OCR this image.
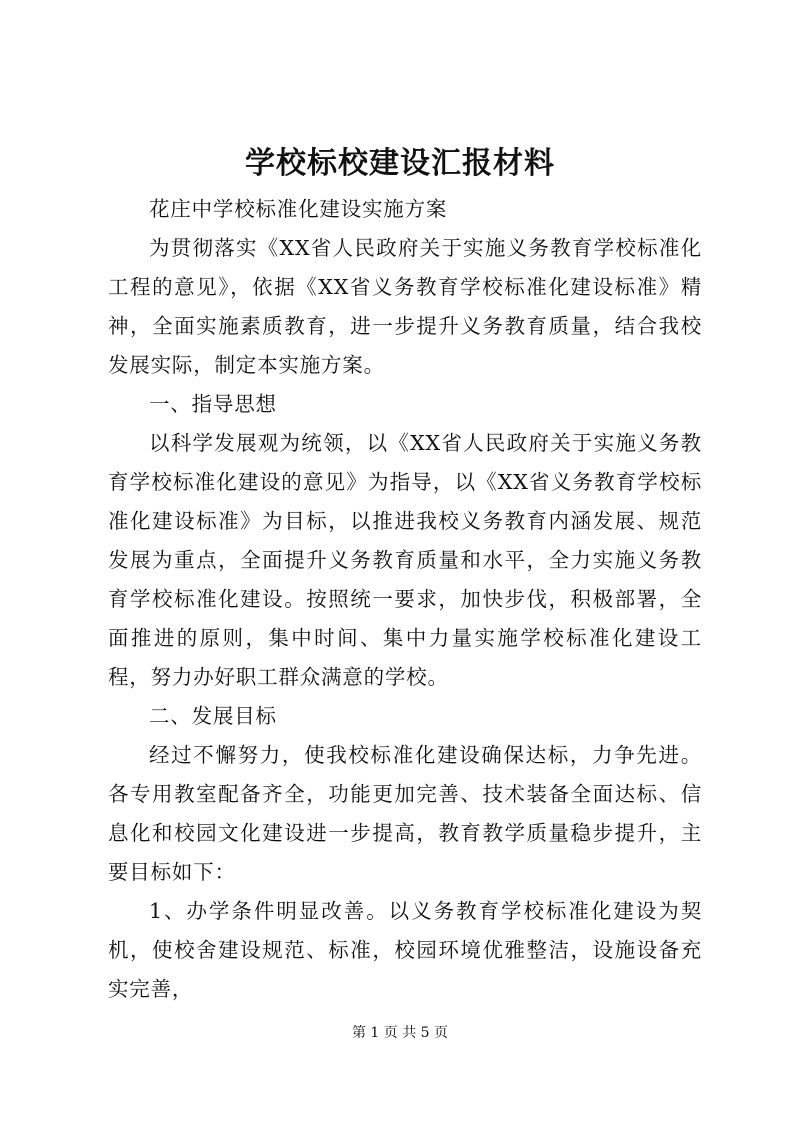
学校标校建设汇报材料

花庄中学校标准化建设实施方案

为贯彻落实《XX省人民政府关于实施义务教育学校标准化工程的意见》，依据《XX省义务教育学校标准化建设标准》精神，全面实施素质教育，进一步提升义务教育质量，结合我校发展实际，制定本实施方案。

一、指导思想

以科学发展观为统领，以《XX省人民政府关于实施义务教育学校标准化建设的意见》为指导，以《XX省义务教育学校标准化建设标准》为目标，以推进我校义务教育内涵发展、规范发展为重点，全面提升义务教育质量和水平，全力实施义务教育学校标准化建设。按照统一要求，加快步伐，积极部署，全面推进的原则，集中时间、集中力量实施学校标准化建设工程，努力办好职工群众满意的学校。

二、发展目标

经过不懈努力，使我校标准化建设确保达标，力争先进。各专用教室配备齐全，功能更加完善、技术装备全面达标、信息化和校园文化建设进一步提高，教育教学质量稳步提升，主要目标如下：

1、办学条件明显改善。以义务教育学校标准化建设为契机，使校舍建设规范、标准，校园环境优雅整洁，设施设备充实完善，

第 1 页 共 5 页
